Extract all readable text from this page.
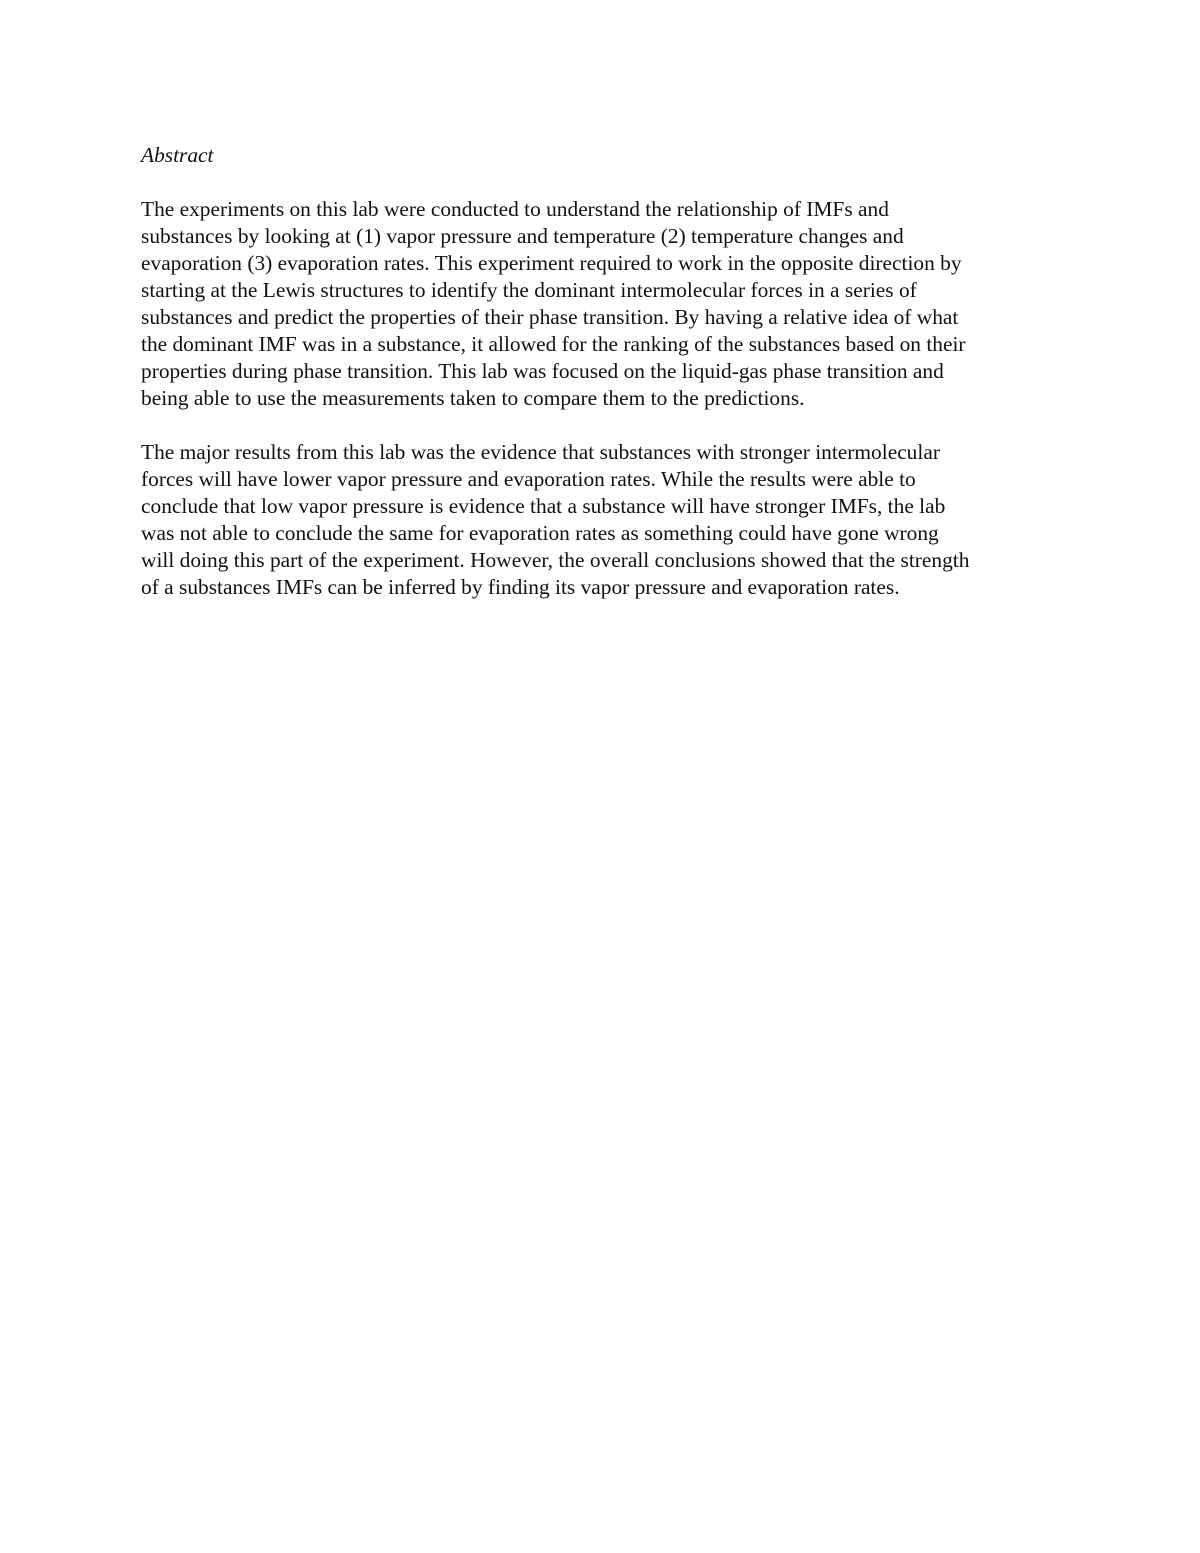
Abstract

The experiments on this lab were conducted to understand the relationship of IMFs and
substances by looking at (1) vapor pressure and temperature (2) temperature changes and
evaporation (3) evaporation rates. This experiment required to work in the opposite direction by
starting at the Lewis structures to identify the dominant intermolecular forces in a series of
substances and predict the properties of their phase transition. By having a relative idea of what
the dominant IMF was in a substance, it allowed for the ranking of the substances based on their
properties during phase transition. This lab was focused on the liquid-gas phase transition and
being able to use the measurements taken to compare them to the predictions.

The major results from this lab was the evidence that substances with stronger intermolecular
forces will have lower vapor pressure and evaporation rates. While the results were able to
conclude that low vapor pressure is evidence that a substance will have stronger IMFs, the lab
was not able to conclude the same for evaporation rates as something could have gone wrong
will doing this part of the experiment. However, the overall conclusions showed that the strength
of a substances IMFs can be inferred by finding its vapor pressure and evaporation rates.
